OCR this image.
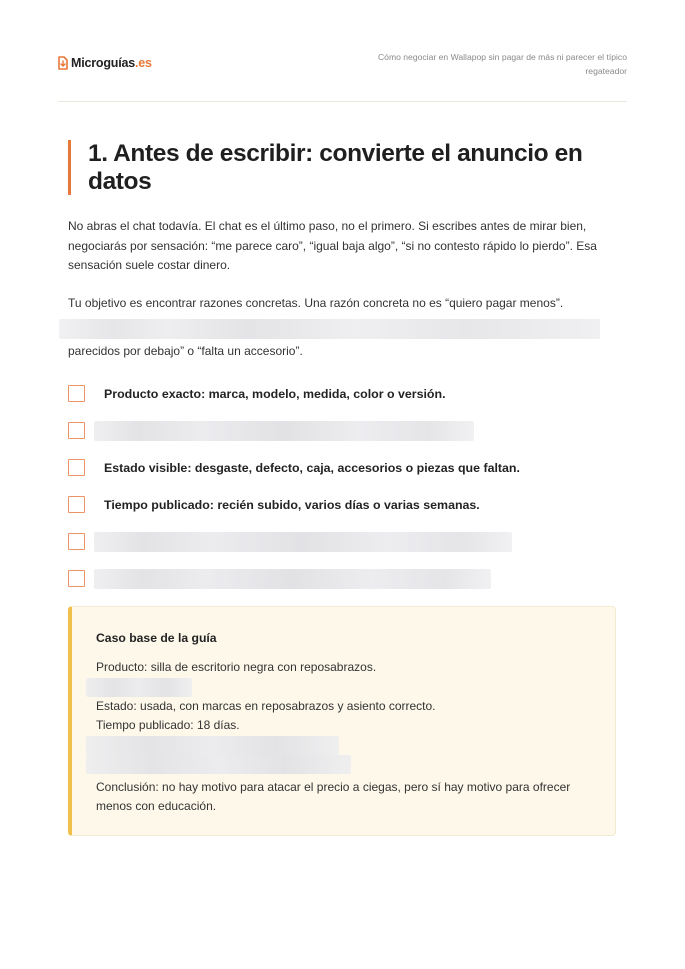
Microguías.es	Cómo negociar en Wallapop sin pagar de más ni parecer el típico regateador
1. Antes de escribir: convierte el anuncio en datos

No abras el chat todavía. El chat es el último paso, no el primero. Si escribes antes de mirar bien, negociarás por sensación: “me parece caro”, “igual baja algo”, “si no contesto rápido lo pierdo”. Esa sensación suele costar dinero.

Tu objetivo es encontrar razones concretas. Una razón concreta no es “quiero pagar menos”.

parecidos por debajo” o “falta un accesorio”.

Producto exacto: marca, modelo, medida, color o versión.
Estado visible: desgaste, defecto, caja, accesorios o piezas que faltan.
Tiempo publicado: recién subido, varios días o varias semanas.

Caso base de la guía

Producto: silla de escritorio negra con reposabrazos.

Estado: usada, con marcas en reposabrazos y asiento correcto.

Tiempo publicado: 18 días.

Conclusión: no hay motivo para atacar el precio a ciegas, pero sí hay motivo para ofrecer menos con educación.
